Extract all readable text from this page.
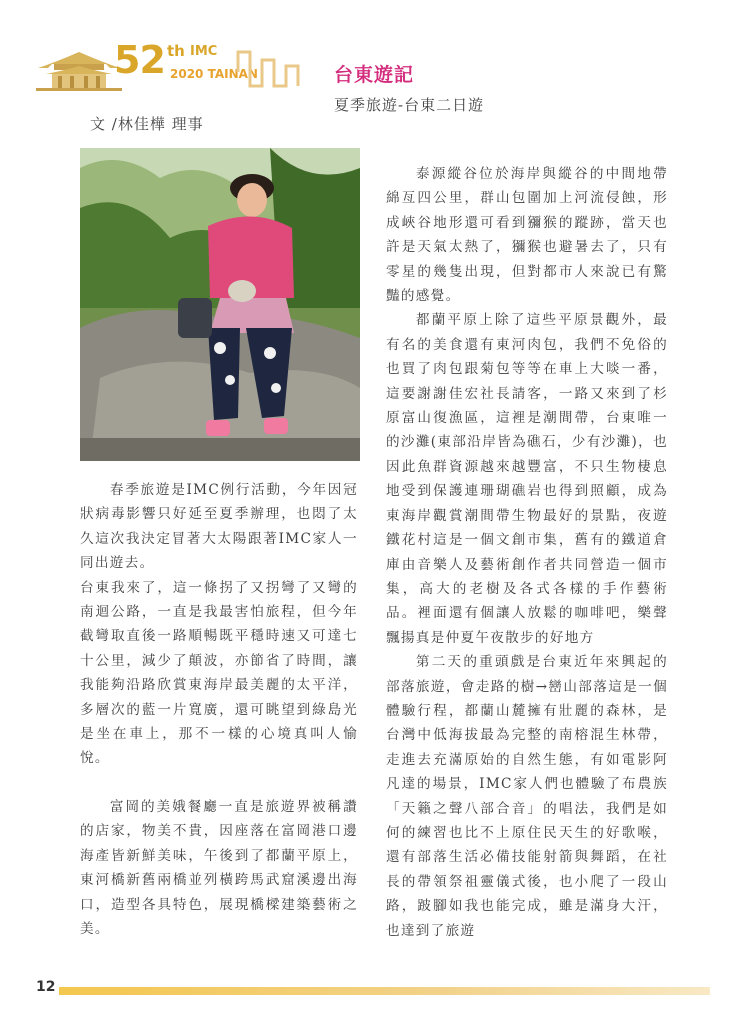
52 th IMC
2020 TAINAN	台東遊記
夏季旅遊-台東二日遊
文 /林佳樺 理事

春季旅遊是IMC例行活動，今年因冠狀病毒影響只好延至夏季辦理，也悶了太久這次我決定冒著大太陽跟著IMC家人一同出遊去。

台東我來了，這一條拐了又拐彎了又彎的南迴公路，一直是我最害怕旅程，但今年截彎取直後一路順暢既平穩時速又可達七十公里，減少了顛波，亦節省了時間，讓我能夠沿路欣賞東海岸最美麗的太平洋，多層次的藍一片寬廣，還可眺望到綠島光是坐在車上，那不一樣的心境真叫人愉悅。

富岡的美娥餐廳一直是旅遊界被稱讚的店家，物美不貴，因座落在富岡港口邊海產皆新鮮美味，午後到了都蘭平原上，東河橋新舊兩橋並列橫跨馬武窟溪邊出海口，造型各具特色，展現橋樑建築藝術之美。

泰源縱谷位於海岸與縱谷的中間地帶綿亙四公里，群山包圍加上河流侵蝕，形成峽谷地形還可看到獼猴的蹤跡，當天也許是天氣太熱了，獼猴也避暑去了，只有零星的幾隻出現，但對都市人來說已有驚豔的感覺。

都蘭平原上除了這些平原景觀外，最有名的美食還有東河肉包，我們不免俗的也買了肉包跟菊包等等在車上大啖一番，這要謝謝佳宏社長請客，一路又來到了杉原富山復漁區，這裡是潮間帶，台東唯一的沙灘(東部沿岸皆為礁石，少有沙灘)，也因此魚群資源越來越豐富，不只生物棲息地受到保護連珊瑚礁岩也得到照顧，成為東海岸觀賞潮間帶生物最好的景點，夜遊鐵花村這是一個文創市集，舊有的鐵道倉庫由音樂人及藝術創作者共同營造一個市集，高大的老樹及各式各樣的手作藝術品。裡面還有個讓人放鬆的咖啡吧，樂聲飄揚真是仲夏午夜散步的好地方

第二天的重頭戲是台東近年來興起的部落旅遊，會走路的樹→巒山部落這是一個體驗行程，都蘭山麓擁有壯麗的森林，是台灣中低海拔最為完整的南榕混生林帶，走進去充滿原始的自然生態，有如電影阿凡達的場景，IMC家人們也體驗了布農族「天籟之聲八部合音」的唱法，我們是如何的練習也比不上原住民天生的好歌喉，還有部落生活必備技能射箭與舞蹈，在社長的帶領祭祖靈儀式後，也小爬了一段山路，跛腳如我也能完成，雖是滿身大汗，也達到了旅遊

12
